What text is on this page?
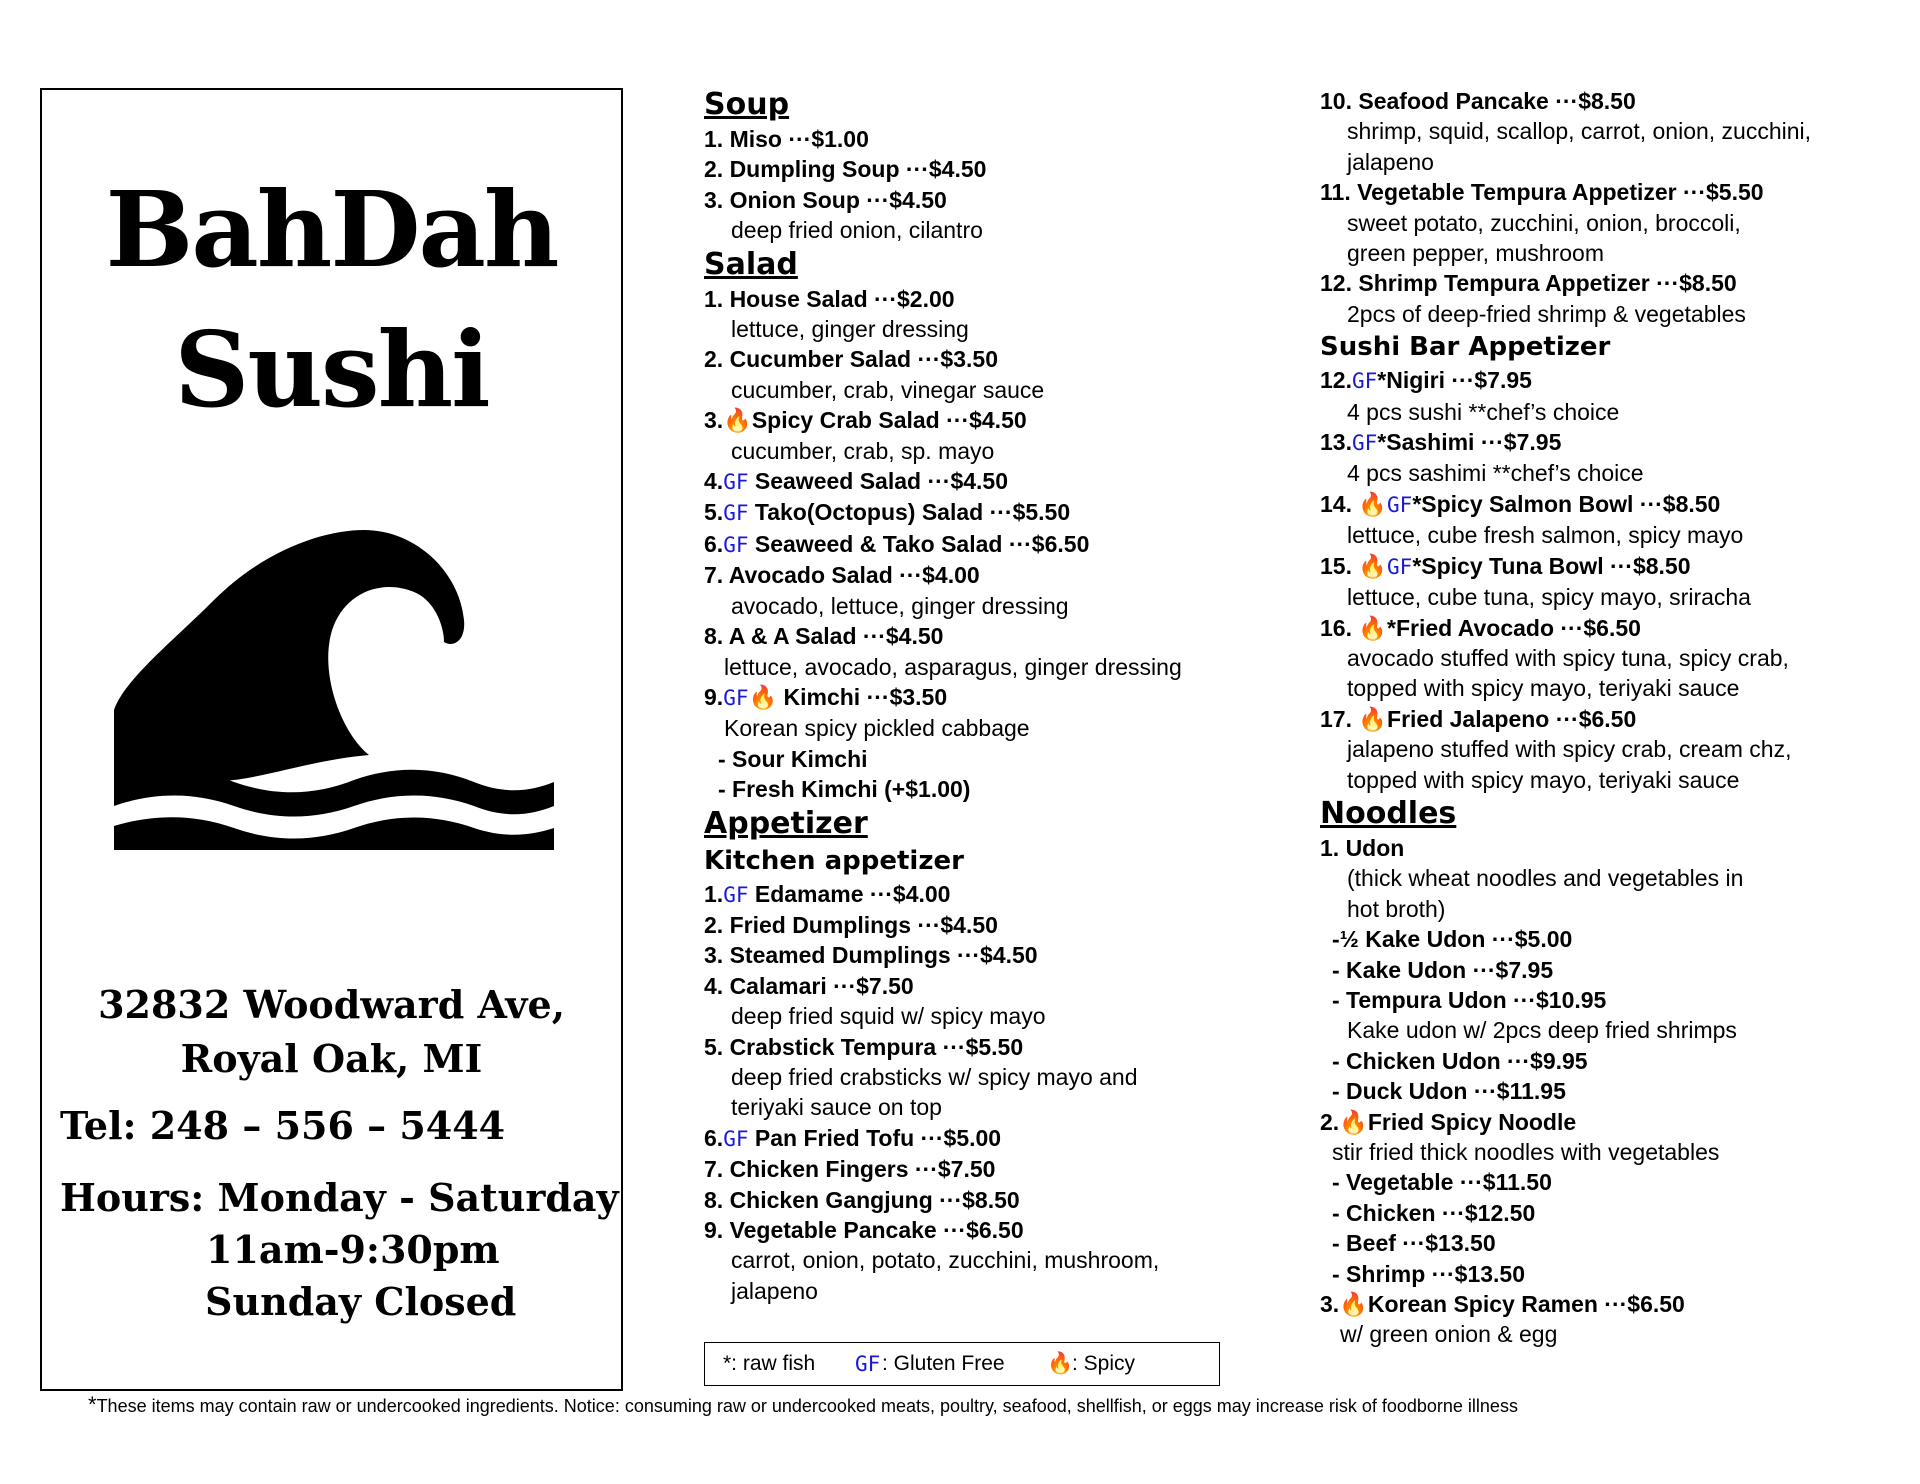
BahDah
Sushi
32832 Woodward Ave,
Royal Oak, MI
Tel: 248 – 556 – 5444
Hours: Monday - Saturday
11am-9:30pm
Sunday Closed
Soup
1. Miso ···$1.00
2. Dumpling Soup ···$4.50
3. Onion Soup ···$4.50
deep fried onion, cilantro
Salad
1. House Salad ···$2.00
lettuce, ginger dressing
2. Cucumber Salad ···$3.50
cucumber, crab, vinegar sauce
3.🔥Spicy Crab Salad ···$4.50
cucumber, crab, sp. mayo
4.GF Seaweed Salad ···$4.50
5.GF Tako(Octopus) Salad ···$5.50
6.GF Seaweed & Tako Salad ···$6.50
7. Avocado Salad ···$4.00
avocado, lettuce, ginger dressing
8. A & A Salad ···$4.50
lettuce, avocado, asparagus, ginger dressing
9.GF🔥 Kimchi ···$3.50
Korean spicy pickled cabbage
- Sour Kimchi
- Fresh Kimchi (+$1.00)
Appetizer
Kitchen appetizer
1.GF Edamame ···$4.00
2. Fried Dumplings ···$4.50
3. Steamed Dumplings ···$4.50
4. Calamari ···$7.50
deep fried squid w/ spicy mayo
5. Crabstick Tempura ···$5.50
deep fried crabsticks w/ spicy mayo and
teriyaki sauce on top
6.GF Pan Fried Tofu ···$5.00
7. Chicken Fingers ···$7.50
8. Chicken Gangjung ···$8.50
9. Vegetable Pancake ···$6.50
carrot, onion, potato, zucchini, mushroom,
jalapeno
*: raw fish GF : Gluten Free 🔥
: Spicy
10. Seafood Pancake ···$8.50
shrimp, squid, scallop, carrot, onion, zucchini,
jalapeno
11. Vegetable Tempura Appetizer ···$5.50
sweet potato, zucchini, onion, broccoli,
green pepper, mushroom
12. Shrimp Tempura Appetizer ···$8.50
2pcs of deep-fried shrimp & vegetables
Sushi Bar Appetizer
12.GF*Nigiri ···$7.95
4 pcs sushi **chef’s choice
13.GF*Sashimi ···$7.95
4 pcs sashimi **chef’s choice
14. 🔥GF*Spicy Salmon Bowl ···$8.50
lettuce, cube fresh salmon, spicy mayo
15. 🔥GF*Spicy Tuna Bowl ···$8.50
lettuce, cube tuna, spicy mayo, sriracha
16. 🔥*Fried Avocado ···$6.50
avocado stuffed with spicy tuna, spicy crab,
topped with spicy mayo, teriyaki sauce
17. 🔥Fried Jalapeno ···$6.50
jalapeno stuffed with spicy crab, cream chz,
topped with spicy mayo, teriyaki sauce
Noodles
1. Udon
(thick wheat noodles and vegetables in
hot broth)
-½ Kake Udon ···$5.00
- Kake Udon ···$7.95
- Tempura Udon ···$10.95
Kake udon w/ 2pcs deep fried shrimps
- Chicken Udon ···$9.95
- Duck Udon ···$11.95
2.🔥Fried Spicy Noodle
stir fried thick noodles with vegetables
- Vegetable ···$11.50
- Chicken ···$12.50
- Beef ···$13.50
- Shrimp ···$13.50
3.🔥Korean Spicy Ramen ···$6.50
w/ green onion & egg
*These items may contain raw or undercooked ingredients. Notice: consuming raw or undercooked meats, poultry, seafood, shellfish, or eggs may increase risk of foodborne illness
